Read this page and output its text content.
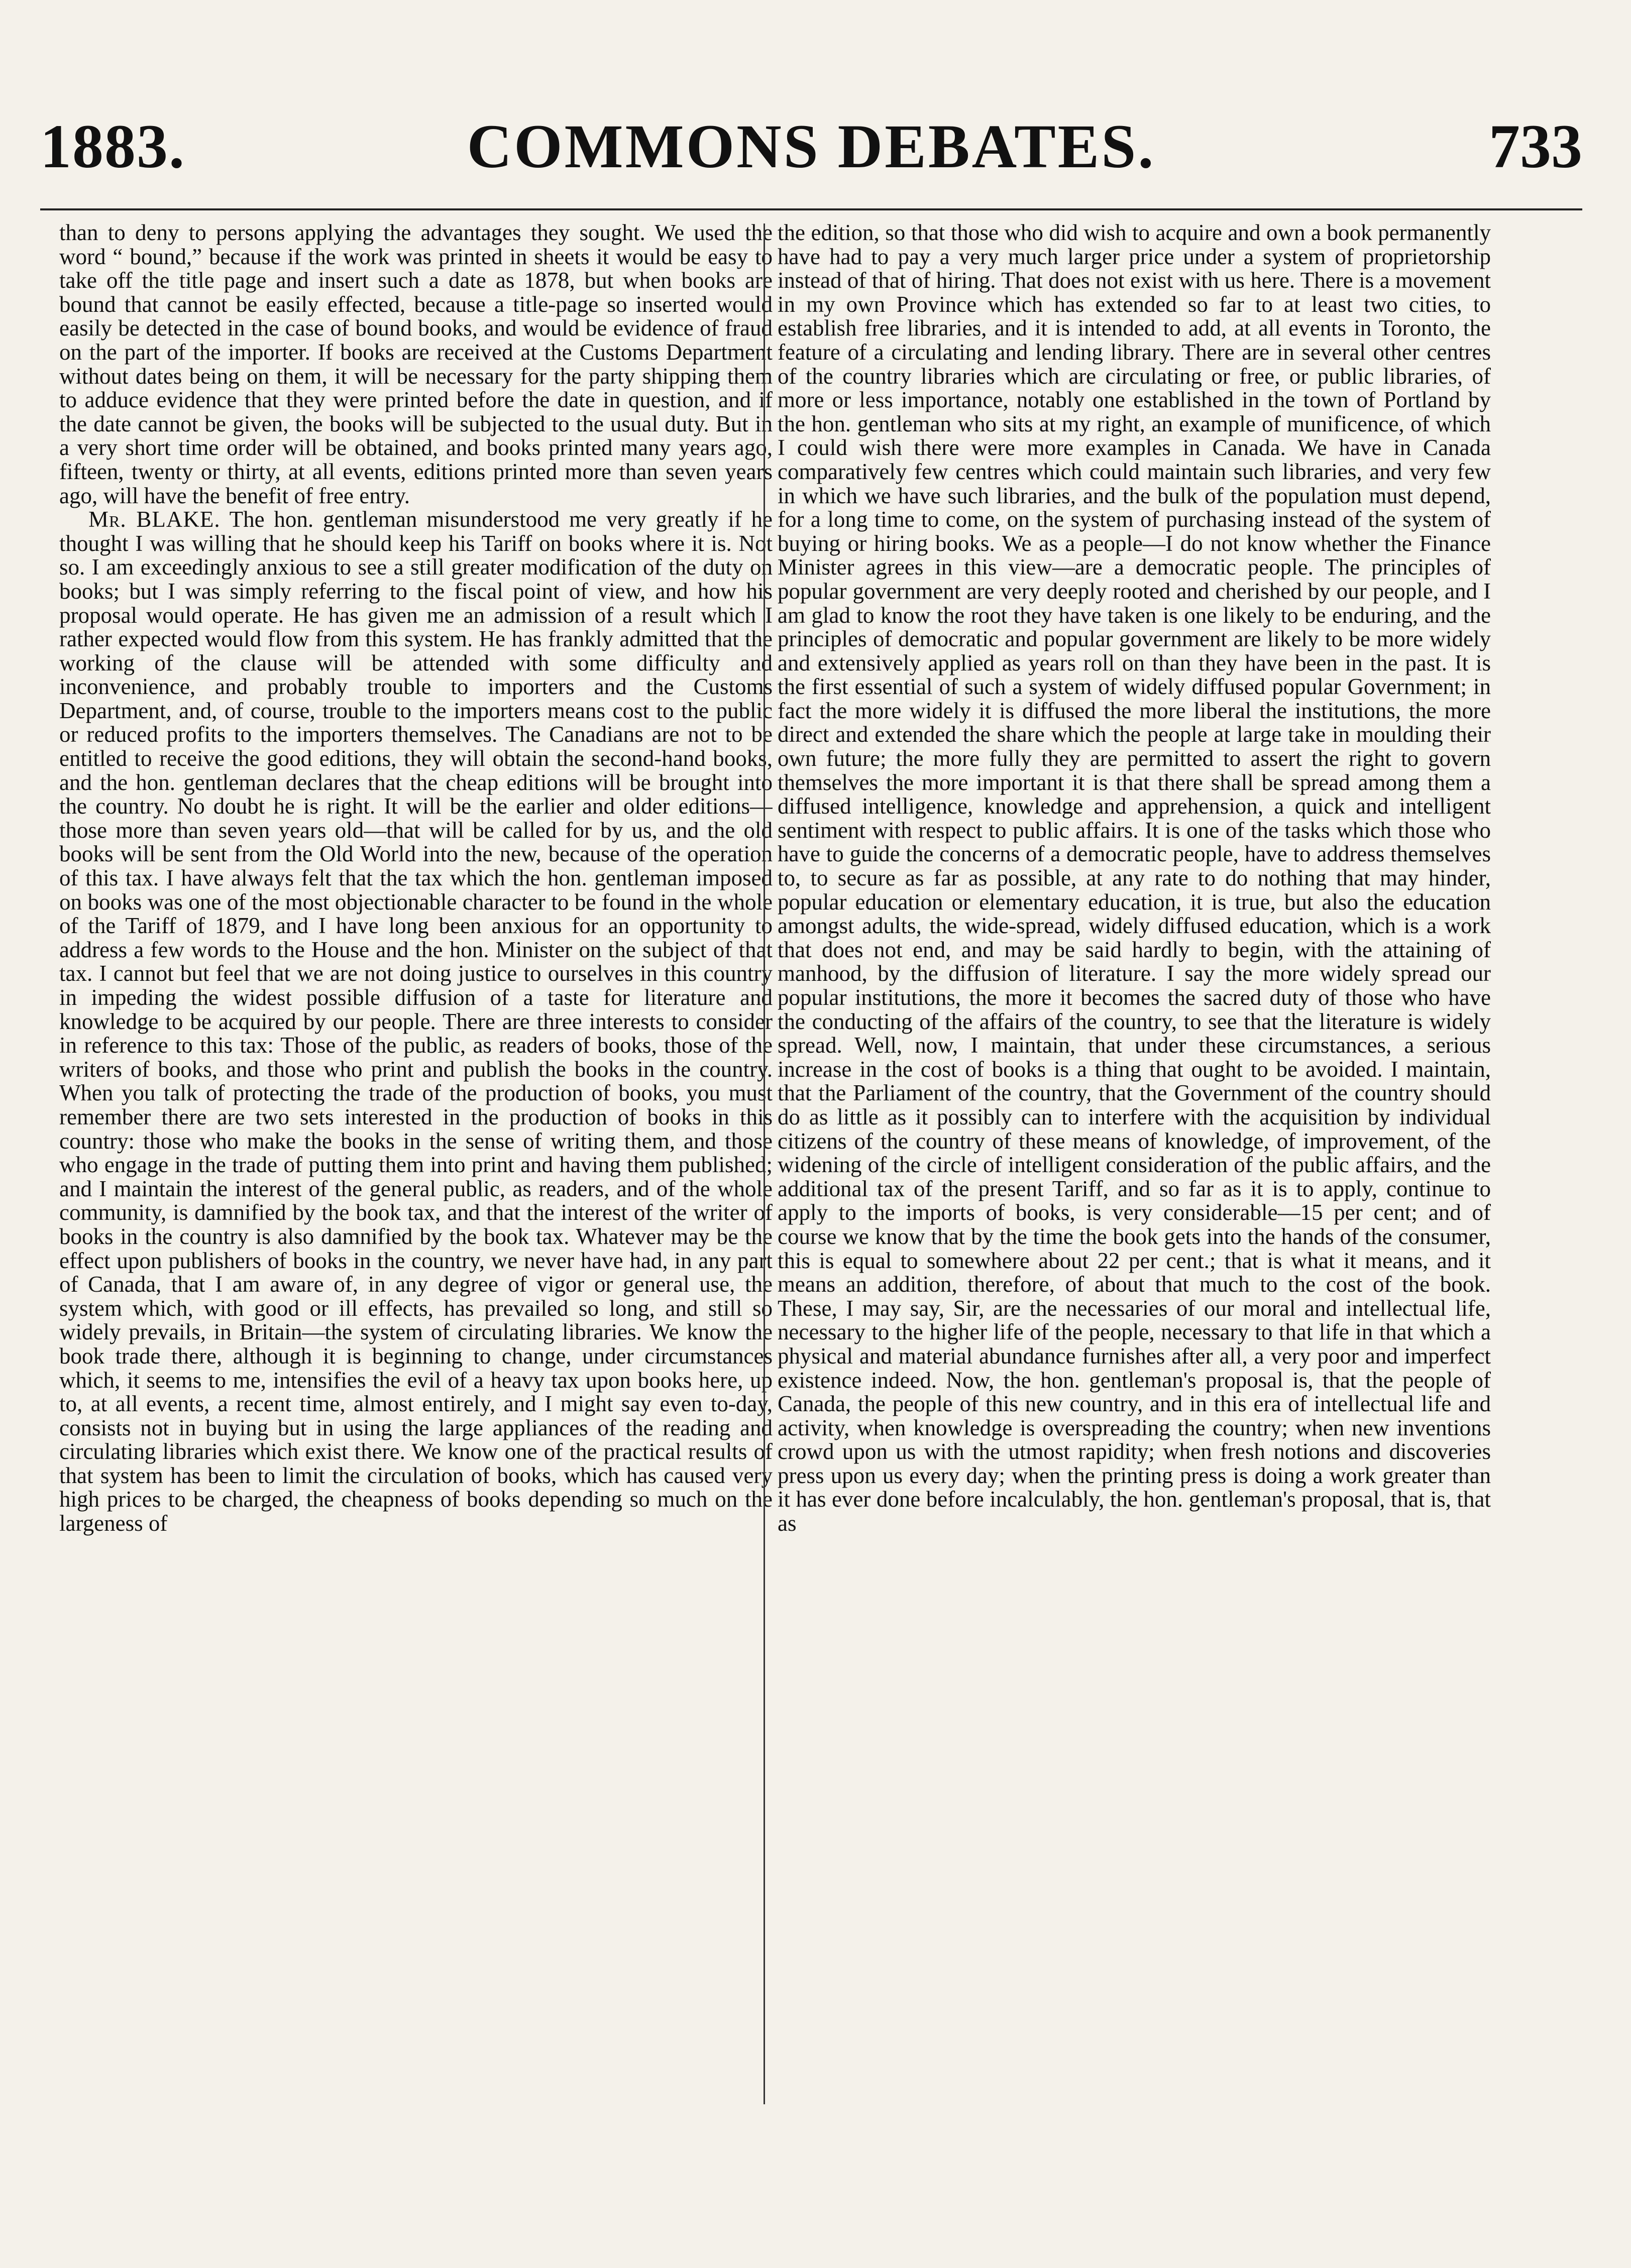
1883.	COMMONS DEBATES.	733

than to deny to persons applying the advantages they sought. We used the word “ bound,” because if the work was printed in sheets it would be easy to take off the title page and insert such a date as 1878, but when books are bound that cannot be easily effected, because a title-page so inserted would easily be detected in the case of bound books, and would be evidence of fraud on the part of the importer. If books are received at the Customs Department without dates being on them, it will be necessary for the party shipping them to adduce evidence that they were printed before the date in question, and if the date cannot be given, the books will be subjected to the usual duty. But in a very short time order will be obtained, and books printed many years ago, fifteen, twenty or thirty, at all events, editions printed more than seven years ago, will have the benefit of free entry.

Mr. BLAKE. The hon. gentleman misunderstood me very greatly if he thought I was willing that he should keep his Tariff on books where it is. Not so. I am exceedingly anxious to see a still greater modification of the duty on books; but I was simply referring to the fiscal point of view, and how his proposal would operate. He has given me an admission of a result which I rather expected would flow from this system. He has frankly admitted that the working of the clause will be attended with some difficulty and inconvenience, and probably trouble to importers and the Customs Department, and, of course, trouble to the importers means cost to the public or reduced profits to the importers themselves. The Canadians are not to be entitled to receive the good editions, they will obtain the second-hand books, and the hon. gentleman declares that the cheap editions will be brought into the country. No doubt he is right. It will be the earlier and older editions—those more than seven years old—that will be called for by us, and the old books will be sent from the Old World into the new, because of the operation of this tax. I have always felt that the tax which the hon. gentleman imposed on books was one of the most objectionable character to be found in the whole of the Tariff of 1879, and I have long been anxious for an opportunity to address a few words to the House and the hon. Minister on the subject of that tax. I cannot but feel that we are not doing justice to ourselves in this country in impeding the widest possible diffusion of a taste for literature and knowledge to be acquired by our people. There are three interests to consider in reference to this tax: Those of the public, as readers of books, those of the writers of books, and those who print and publish the books in the country. When you talk of protecting the trade of the production of books, you must remember there are two sets interested in the production of books in this country: those who make the books in the sense of writing them, and those who engage in the trade of putting them into print and having them published; and I maintain the interest of the general public, as readers, and of the whole community, is damnified by the book tax, and that the interest of the writer of books in the country is also damnified by the book tax. Whatever may be the effect upon publishers of books in the country, we never have had, in any part of Canada, that I am aware of, in any degree of vigor or general use, the system which, with good or ill effects, has prevailed so long, and still so widely prevails, in Britain—the system of circulating libraries. We know the book trade there, although it is beginning to change, under circumstances which, it seems to me, intensifies the evil of a heavy tax upon books here, up to, at all events, a recent time, almost entirely, and I might say even to-day, consists not in buying but in using the large appliances of the reading and circulating libraries which exist there. We know one of the practical results of that system has been to limit the circulation of books, which has caused very high prices to be charged, the cheapness of books depending so much on the largeness of

the edition, so that those who did wish to acquire and own a book permanently have had to pay a very much larger price under a system of proprietorship instead of that of hiring. That does not exist with us here. There is a movement in my own Province which has extended so far to at least two cities, to establish free libraries, and it is intended to add, at all events in Toronto, the feature of a circulating and lending library. There are in several other centres of the country libraries which are circulating or free, or public libraries, of more or less importance, notably one established in the town of Portland by the hon. gentleman who sits at my right, an example of munificence, of which I could wish there were more examples in Canada. We have in Canada comparatively few centres which could maintain such libraries, and very few in which we have such libraries, and the bulk of the population must depend, for a long time to come, on the system of purchasing instead of the system of buying or hiring books. We as a people—I do not know whether the Finance Minister agrees in this view—are a democratic people. The principles of popular government are very deeply rooted and cherished by our people, and I am glad to know the root they have taken is one likely to be enduring, and the principles of democratic and popular government are likely to be more widely and extensively applied as years roll on than they have been in the past. It is the first essential of such a system of widely diffused popular Government; in fact the more widely it is diffused the more liberal the institutions, the more direct and extended the share which the people at large take in moulding their own future; the more fully they are permitted to assert the right to govern themselves the more important it is that there shall be spread among them a diffused intelligence, knowledge and apprehension, a quick and intelligent sentiment with respect to public affairs. It is one of the tasks which those who have to guide the concerns of a democratic people, have to address themselves to, to secure as far as possible, at any rate to do nothing that may hinder, popular education or elementary education, it is true, but also the education amongst adults, the wide-spread, widely diffused education, which is a work that does not end, and may be said hardly to begin, with the attaining of manhood, by the diffusion of literature. I say the more widely spread our popular institutions, the more it becomes the sacred duty of those who have the conducting of the affairs of the country, to see that the literature is widely spread. Well, now, I maintain, that under these circumstances, a serious increase in the cost of books is a thing that ought to be avoided. I maintain, that the Parliament of the country, that the Government of the country should do as little as it possibly can to interfere with the acquisition by individual citizens of the country of these means of knowledge, of improvement, of the widening of the circle of intelligent consideration of the public affairs, and the additional tax of the present Tariff, and so far as it is to apply, continue to apply to the imports of books, is very considerable—15 per cent; and of course we know that by the time the book gets into the hands of the consumer, this is equal to somewhere about 22 per cent.; that is what it means, and it means an addition, therefore, of about that much to the cost of the book. These, I may say, Sir, are the necessaries of our moral and intellectual life, necessary to the higher life of the people, necessary to that life in that which a physical and material abundance furnishes after all, a very poor and imperfect existence indeed. Now, the hon. gentleman's proposal is, that the people of Canada, the people of this new country, and in this era of intellectual life and activity, when knowledge is overspreading the country; when new inventions crowd upon us with the utmost rapidity; when fresh notions and discoveries press upon us every day; when the printing press is doing a work greater than it has ever done before incalculably, the hon. gentleman's proposal, that is, that as
